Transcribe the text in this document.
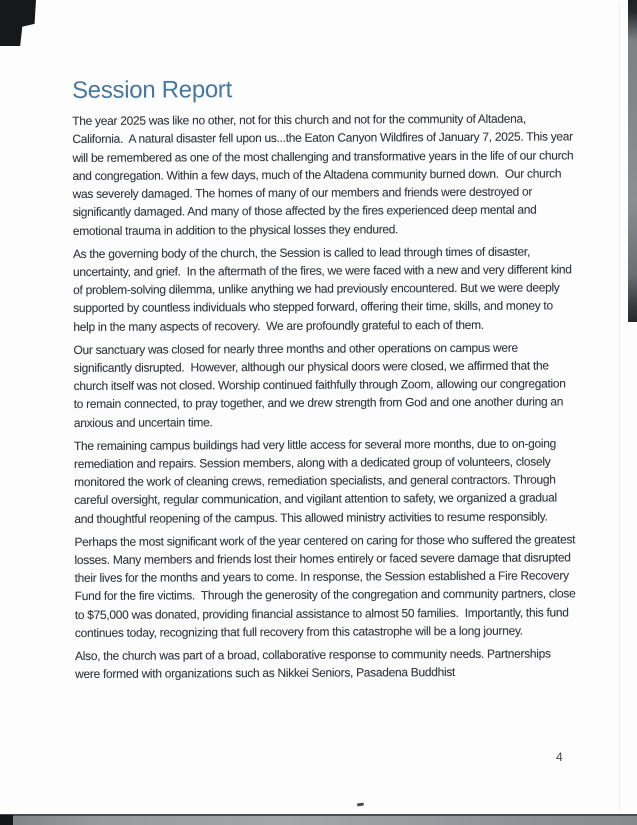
Session Report

The year 2025 was like no other, not for this church and not for the community of Altadena, California.  A natural disaster fell upon us...the Eaton Canyon Wildfires of January 7, 2025. This year will be remembered as one of the most challenging and transformative years in the life of our church and congregation. Within a few days, much of the Altadena community burned down.  Our church was severely damaged. The homes of many of our members and friends were destroyed or significantly damaged. And many of those affected by the fires experienced deep mental and emotional trauma in addition to the physical losses they endured.

As the governing body of the church, the Session is called to lead through times of disaster, uncertainty, and grief.  In the aftermath of the fires, we were faced with a new and very different kind of problem-solving dilemma, unlike anything we had previously encountered. But we were deeply supported by countless individuals who stepped forward, offering their time, skills, and money to help in the many aspects of recovery.  We are profoundly grateful to each of them.

Our sanctuary was closed for nearly three months and other operations on campus were significantly disrupted.  However, although our physical doors were closed, we affirmed that the church itself was not closed. Worship continued faithfully through Zoom, allowing our congregation to remain connected, to pray together, and we drew strength from God and one another during an anxious and uncertain time.

The remaining campus buildings had very little access for several more months, due to on-going remediation and repairs. Session members, along with a dedicated group of volunteers, closely monitored the work of cleaning crews, remediation specialists, and general contractors. Through careful oversight, regular communication, and vigilant attention to safety, we organized a gradual and thoughtful reopening of the campus. This allowed ministry activities to resume responsibly.

Perhaps the most significant work of the year centered on caring for those who suffered the greatest losses. Many members and friends lost their homes entirely or faced severe damage that disrupted their lives for the months and years to come. In response, the Session established a Fire Recovery Fund for the fire victims.  Through the generosity of the congregation and community partners, close to $75,000 was donated, providing financial assistance to almost 50 families.  Importantly, this fund continues today, recognizing that full recovery from this catastrophe will be a long journey.

Also, the church was part of a broad, collaborative response to community needs. Partnerships were formed with organizations such as Nikkei Seniors, Pasadena Buddhist

4
